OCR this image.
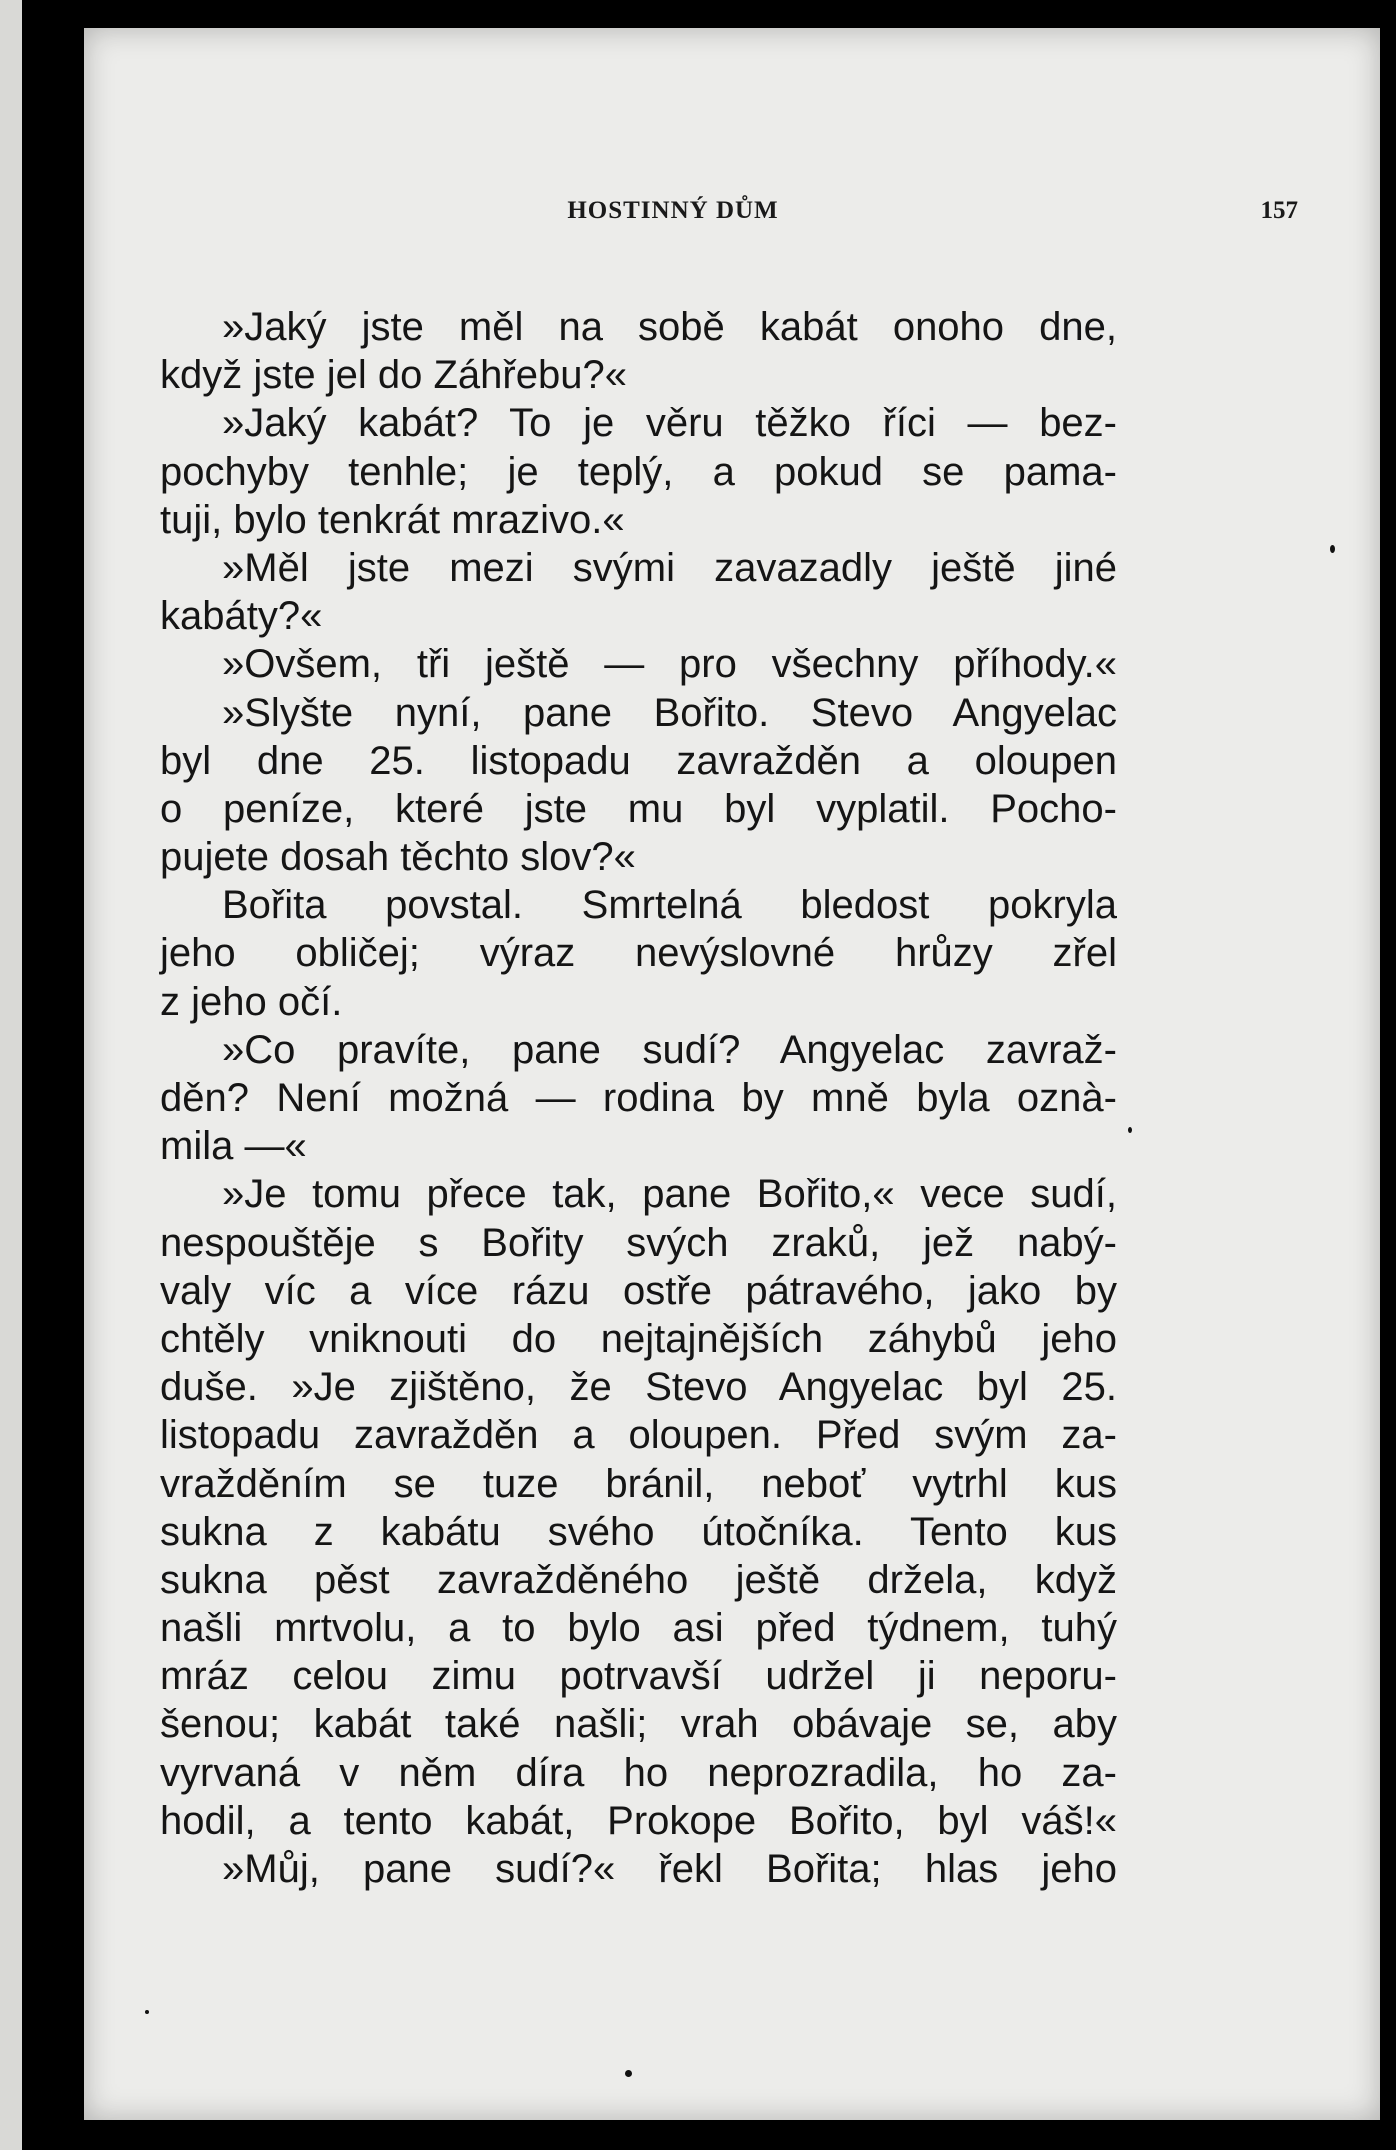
HOSTINNÝ DŮM	157
»Jaký jste měl na sobě kabát onoho dne,
když jste jel do Záhřebu?«
»Jaký kabát? To je věru těžko říci — bez-
pochyby tenhle; je teplý, a pokud se pama-
tuji, bylo tenkrát mrazivo.«
»Měl jste mezi svými zavazadly ještě jiné
kabáty?«
»Ovšem, tři ještě — pro všechny příhody.«
»Slyšte nyní, pane Bořito. Stevo Angyelac
byl dne 25. listopadu zavražděn a oloupen
o peníze, které jste mu byl vyplatil. Pocho-
pujete dosah těchto slov?«
Bořita povstal. Smrtelná bledost pokryla
jeho obličej; výraz nevýslovné hrůzy zřel
z jeho očí.
»Co pravíte, pane sudí? Angyelac zavraž-
děn? Není možná — rodina by mně byla oznà-
mila —«
»Je tomu přece tak, pane Bořito,« vece sudí,
nespouštěje s Bořity svých zraků, jež nabý-
valy víc a více rázu ostře pátravého, jako by
chtěly vniknouti do nejtajnějších záhybů jeho
duše. »Je zjištěno, že Stevo Angyelac byl 25.
listopadu zavražděn a oloupen. Před svým za-
vražděním se tuze bránil, neboť vytrhl kus
sukna z kabátu svého útočníka. Tento kus
sukna pěst zavražděného ještě držela, když
našli mrtvolu, a to bylo asi před týdnem, tuhý
mráz celou zimu potrvavší udržel ji neporu-
šenou; kabát také našli; vrah obávaje se, aby
vyrvaná v něm díra ho neprozradila, ho za-
hodil, a tento kabát, Prokope Bořito, byl váš!«
»Můj, pane sudí?« řekl Bořita; hlas jeho
